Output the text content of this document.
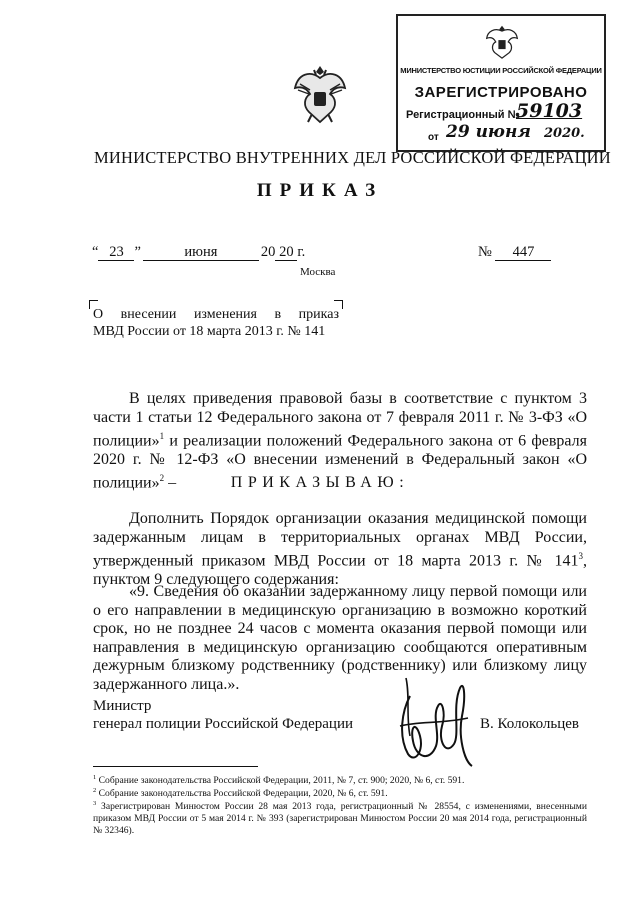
МИНИСТЕРСТВО ЮСТИЦИИ РОССИЙСКОЙ ФЕДЕРАЦИИ
ЗАРЕГИСТРИРОВАНО
Регистрационный №
59103
от 29 июня 2020.
МИНИСТЕРСТВО ВНУТРЕННИХ ДЕЛ РОССИЙСКОЙ ФЕДЕРАЦИИ
ПРИКАЗ
“ 23 ”	июня	20 20 г.	№ 447
Москва
О внесении изменения в приказ
МВД России от 18 марта 2013 г. № 141
В целях приведения правовой базы в соответствие с пунктом 3 части 1 статьи 12 Федерального закона от 7 февраля 2011 г. № 3-ФЗ «О полиции»$^1$ и реализации положений Федерального закона от 6 февраля 2020 г. № 12-ФЗ «О внесении изменений в Федеральный закон «О полиции»$^2$ –	ПРИКАЗЫВАЮ:
Дополнить Порядок организации оказания медицинской помощи задержанным лицам в территориальных органах МВД России, утвержденный приказом МВД России от 18 марта 2013 г. № $141^3$, пунктом 9 следующего содержания:
«9. Сведения об оказании задержанному лицу первой помощи или о его направлении в медицинскую организацию в возможно короткий срок, но не позднее 24 часов с момента оказания первой помощи или направления в медицинскую организацию сообщаются оперативным дежурным близкому родственнику (родственнику) или близкому лицу задержанного лица.».
Министр
генерал полиции Российской Федерации	В. Колокольцев
$^1$ Собрание законодательства Российской Федерации, 2011, № 7, ст. 900; 2020, № 6, ст. 591.
$^2$ Собрание законодательства Российской Федерации, 2020, № 6, ст. 591.
$^3$ Зарегистрирован Минюстом России 28 мая 2013 года, регистрационный № 28554, с изменениями, внесенными приказом МВД России от 5 мая 2014 г. № 393 (зарегистрирован Минюстом России 20 мая 2014 года, регистрационный № 32346).
